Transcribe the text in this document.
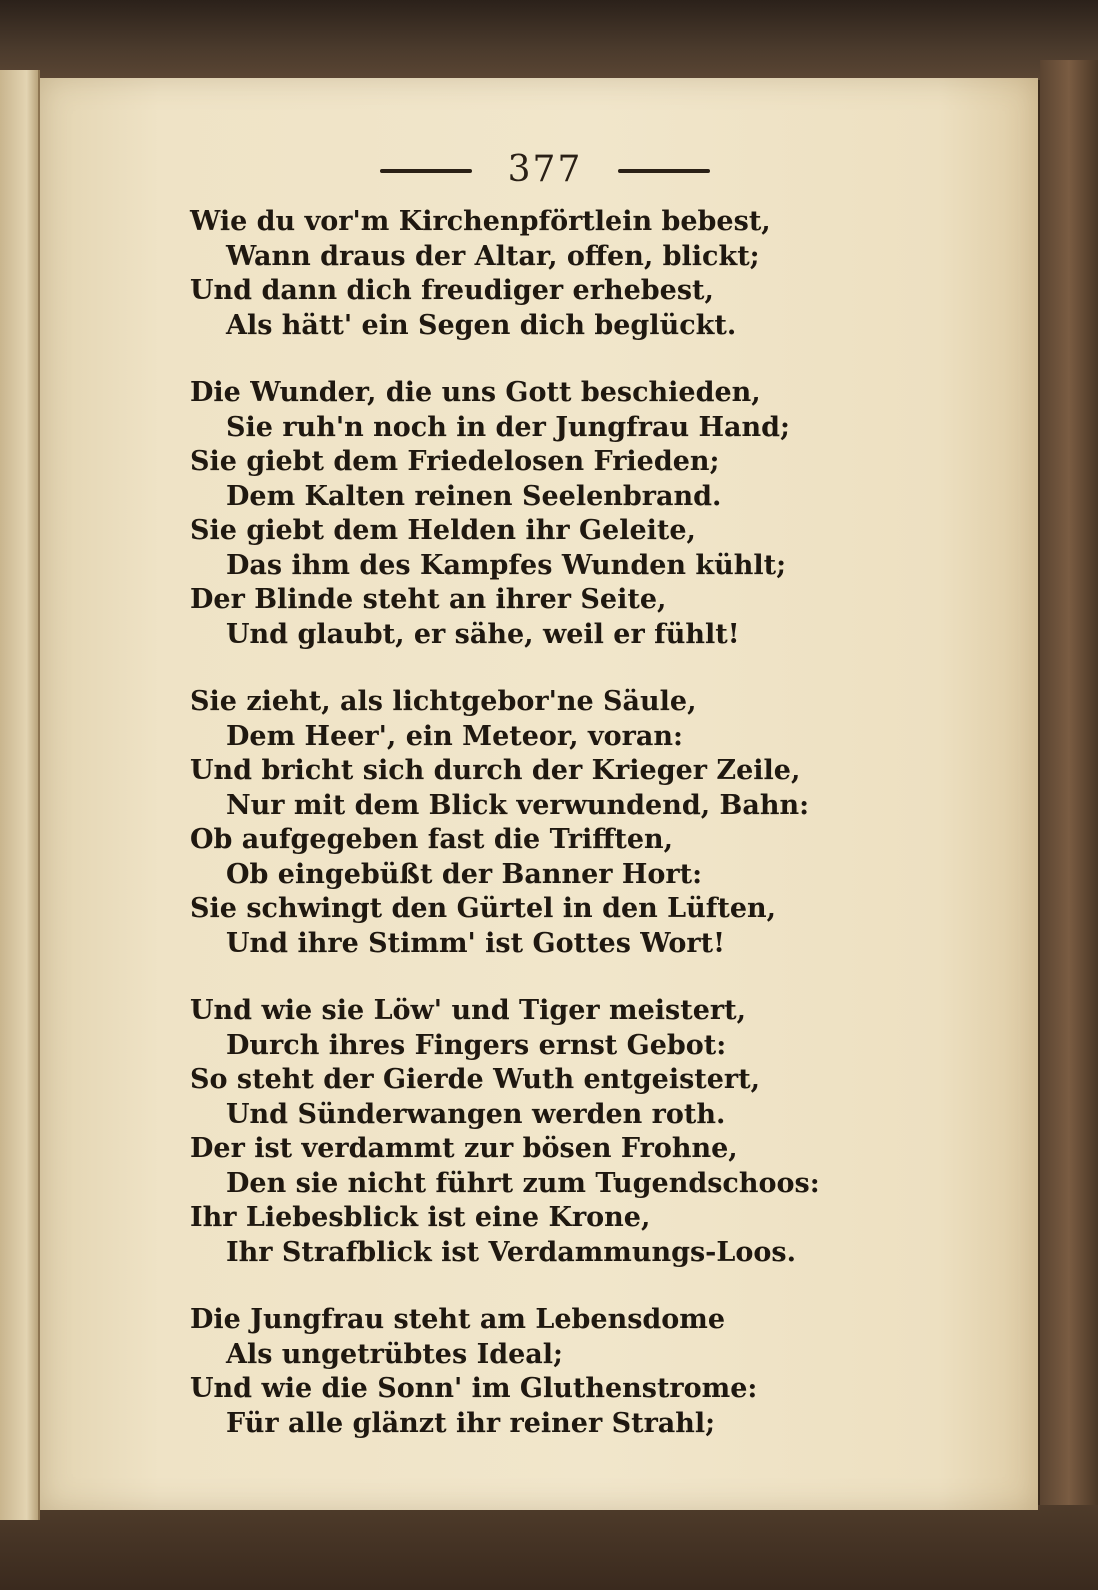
377
Wie du vor'm Kirchenpförtlein bebest,
Wann draus der Altar, offen, blickt;
Und dann dich freudiger erhebest,
Als hätt' ein Segen dich beglückt.
Die Wunder, die uns Gott beschieden,
Sie ruh'n noch in der Jungfrau Hand;
Sie giebt dem Friedelosen Frieden;
Dem Kalten reinen Seelenbrand.
Sie giebt dem Helden ihr Geleite,
Das ihm des Kampfes Wunden kühlt;
Der Blinde steht an ihrer Seite,
Und glaubt, er sähe, weil er fühlt!
Sie zieht, als lichtgebor'ne Säule,
Dem Heer', ein Meteor, voran:
Und bricht sich durch der Krieger Zeile,
Nur mit dem Blick verwundend, Bahn:
Ob aufgegeben fast die Trifften,
Ob eingebüßt der Banner Hort:
Sie schwingt den Gürtel in den Lüften,
Und ihre Stimm' ist Gottes Wort!
Und wie sie Löw' und Tiger meistert,
Durch ihres Fingers ernst Gebot:
So steht der Gierde Wuth entgeistert,
Und Sünderwangen werden roth.
Der ist verdammt zur bösen Frohne,
Den sie nicht führt zum Tugendschoos:
Ihr Liebesblick ist eine Krone,
Ihr Strafblick ist Verdammungs-Loos.
Die Jungfrau steht am Lebensdome
Als ungetrübtes Ideal;
Und wie die Sonn' im Gluthenstrome:
Für alle glänzt ihr reiner Strahl;
